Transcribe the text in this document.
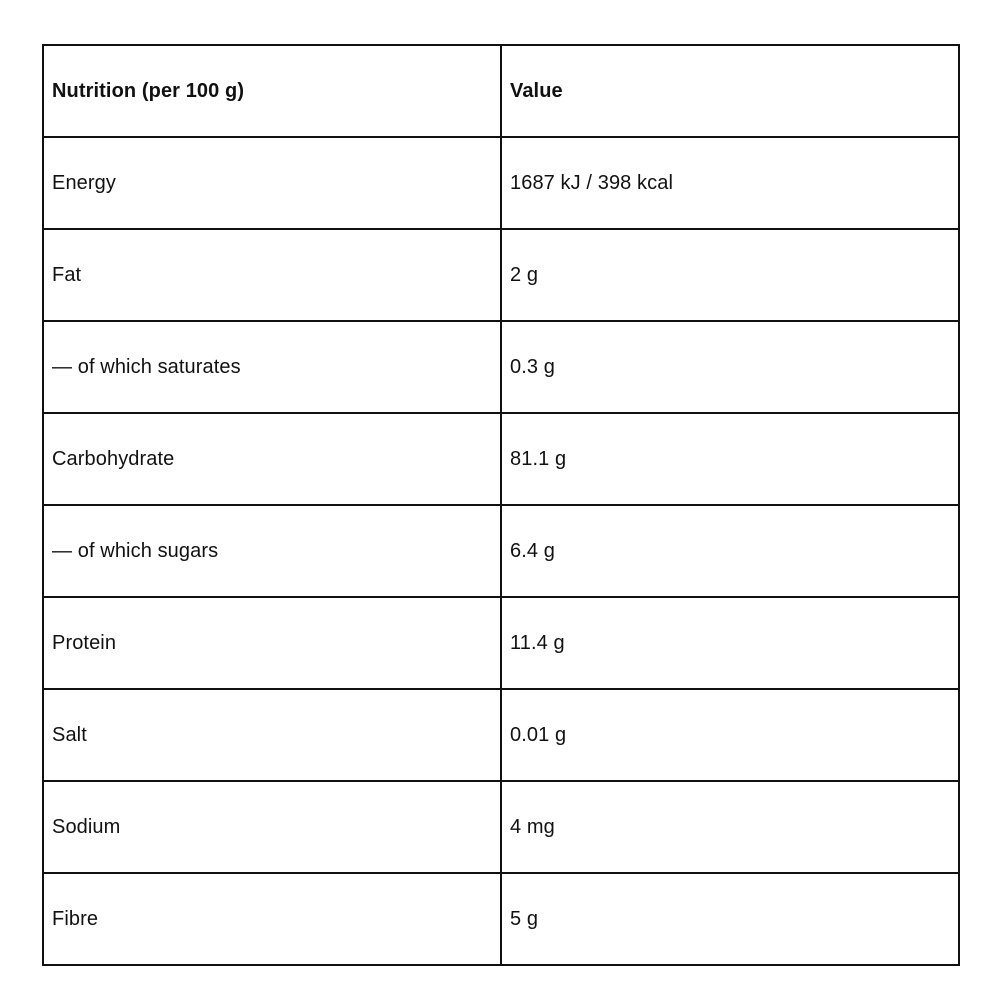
Nutrition (per 100 g)	Value
Energy	1687 kJ / 398 kcal
Fat	2 g
— of which saturates	0.3 g
Carbohydrate	81.1 g
— of which sugars	6.4 g
Protein	11.4 g
Salt	0.01 g
Sodium	4 mg
Fibre	5 g
